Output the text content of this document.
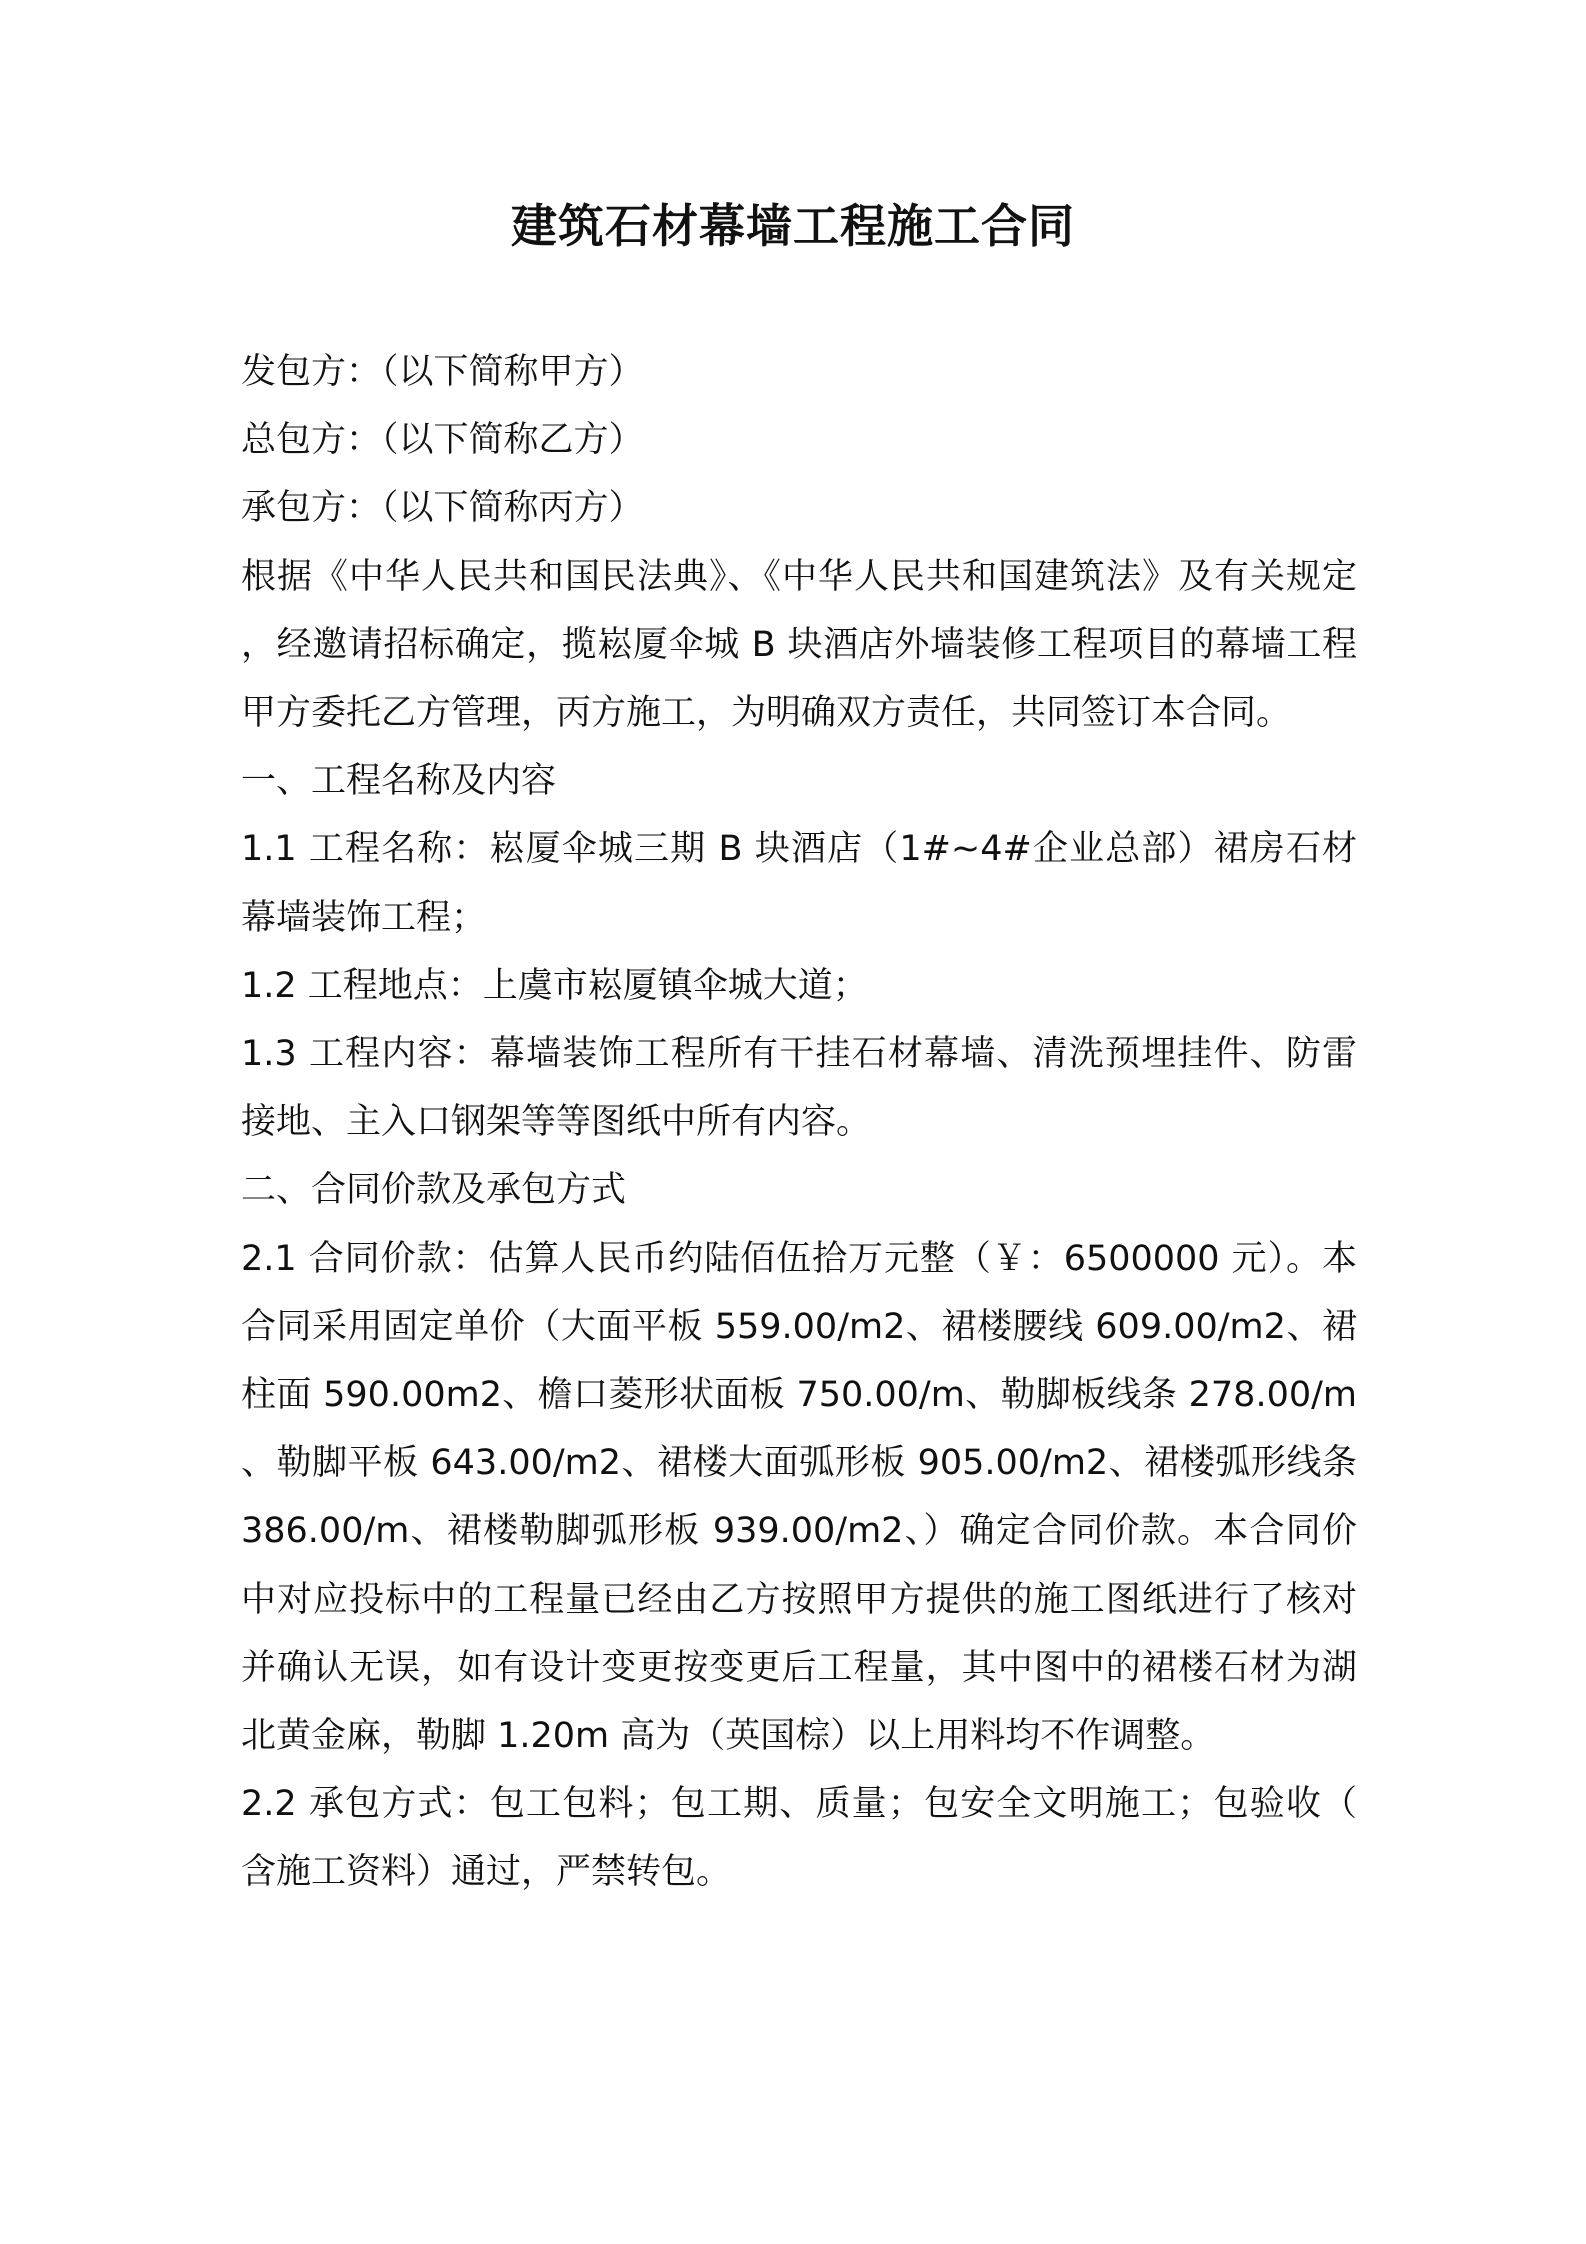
建筑石材幕墙工程施工合同

发包方：（以下简称甲方）

总包方：（以下简称乙方）

承包方：（以下简称丙方）

根据《中华人民共和国民法典》、《中华人民共和国建筑法》及有关规定，经邀请招标确定，揽崧厦伞城 B 块酒店外墙装修工程项目的幕墙工程甲方委托乙方管理，丙方施工，为明确双方责任，共同签订本合同。

一、工程名称及内容

1.1 工程名称：崧厦伞城三期 B 块酒店（1#~4#企业总部）裙房石材幕墙装饰工程；

1.2 工程地点：上虞市崧厦镇伞城大道；

1.3 工程内容：幕墙装饰工程所有干挂石材幕墙、清洗预埋挂件、防雷接地、主入口钢架等等图纸中所有内容。

二、合同价款及承包方式

2.1 合同价款：估算人民币约陆佰伍拾万元整（￥：6500000 元）。本合同采用固定单价（大面平板 559.00/m2、裙楼腰线 609.00/m2、裙柱面 590.00m2、檐口菱形状面板 750.00/m、勒脚板线条 278.00/m、勒脚平板 643.00/m2、裙楼大面弧形板 905.00/m2、裙楼弧形线条 386.00/m、裙楼勒脚弧形板 939.00/m2、）确定合同价款。本合同价中对应投标中的工程量已经由乙方按照甲方提供的施工图纸进行了核对并确认无误，如有设计变更按变更后工程量，其中图中的裙楼石材为湖北黄金麻，勒脚 1.20m 高为（英国棕）以上用料均不作调整。

2.2 承包方式：包工包料；包工期、质量；包安全文明施工；包验收（含施工资料）通过，严禁转包。
